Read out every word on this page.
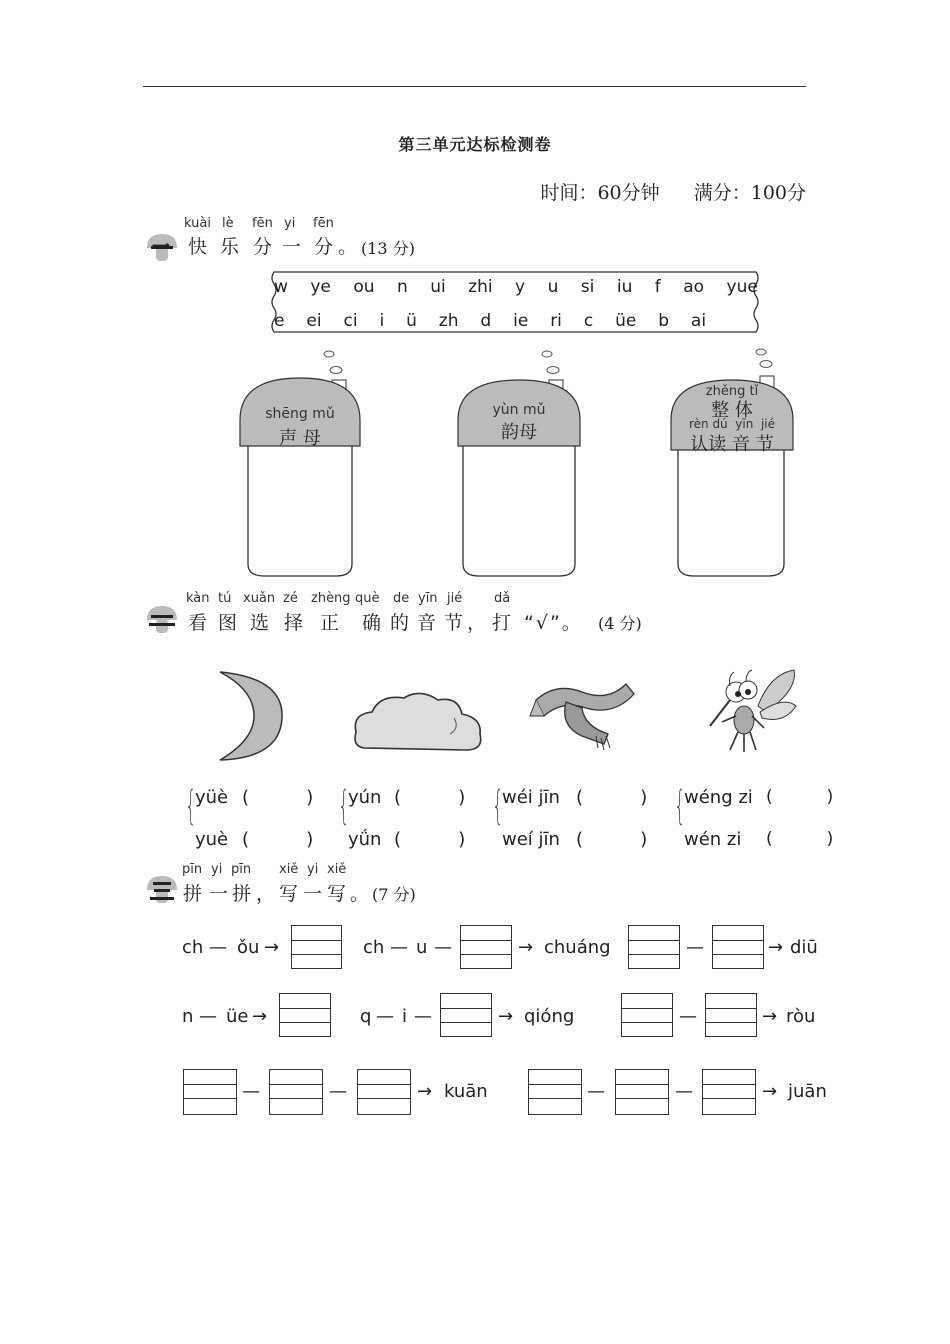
第三单元达标检测卷
时间：60分钟 满分：100分
一
kuài lè fēn yi fēn
快 乐 分 一 分 。 (13 分)
w ye ou n ui zhi y u si iu f ao yue
e ei ci i ü zh d ie ri c üe b ai
shēng mǔ
声 母
yùn mǔ
韵母
zhěng tǐ
整 体
rèn dú  yīn  jié
认读 音 节
kàn tú xuǎn zé zhèng què de yīn jié dǎ
看 图 选 择 正 确 的 音 节 ， 打 “√”。 (4 分)
{
yüè (          )
yuè (          )
{
yún (          )
yǘn (          )
{
wéi jīn (          )
weí jīn (          )
{
wéng zi (          )
wén zi (          )
pīn yi pīn xiě yi xiě
拼 一 拼 ， 写 一 写 。 (7 分)
ch — ǒu →	ch — u —	→ chuáng	—	→ diū
n — üe →	q — i —	→ qióng	—	→ ròu
—	—	→ kuān	—	—	→ juān
